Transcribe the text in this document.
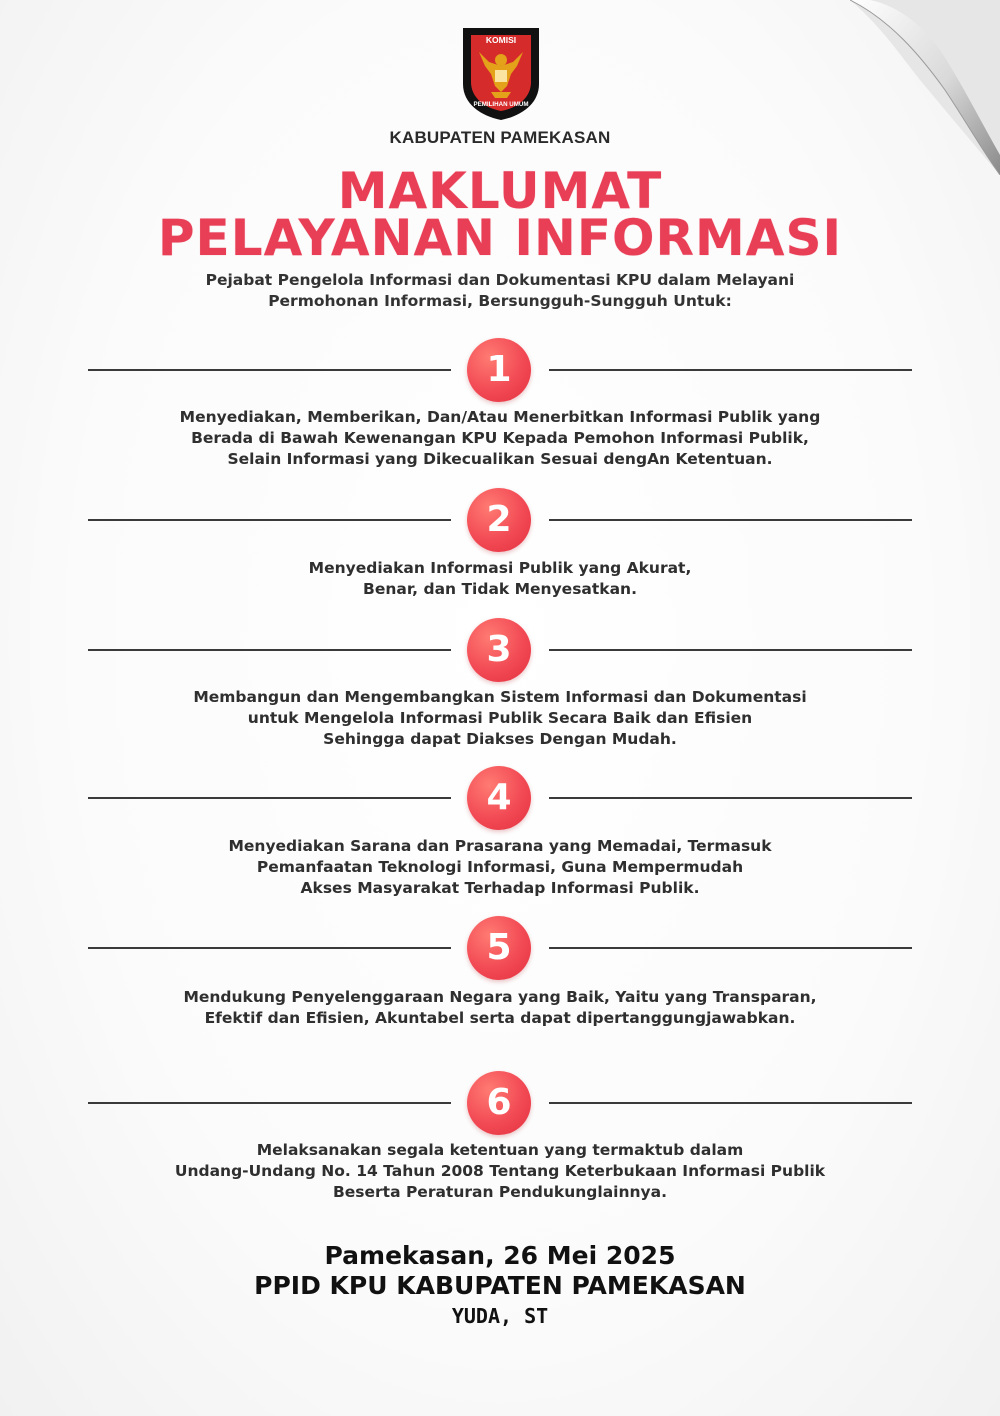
KOMISI
PEMILIHAN UMUM
KABUPATEN PAMEKASAN
MAKLUMAT
PELAYANAN INFORMASI
Pejabat Pengelola Informasi dan Dokumentasi KPU dalam Melayani
Permohonan Informasi, Bersungguh-Sungguh Untuk:
1
Menyediakan, Memberikan, Dan/Atau Menerbitkan Informasi Publik yang
Berada di Bawah Kewenangan KPU Kepada Pemohon Informasi Publik,
Selain Informasi yang Dikecualikan Sesuai dengAn Ketentuan.
2
Menyediakan Informasi Publik yang Akurat,
Benar, dan Tidak Menyesatkan.
3
Membangun dan Mengembangkan Sistem Informasi dan Dokumentasi
untuk Mengelola Informasi Publik Secara Baik dan Efisien
Sehingga dapat Diakses Dengan Mudah.
4
Menyediakan Sarana dan Prasarana yang Memadai, Termasuk
Pemanfaatan Teknologi Informasi, Guna Mempermudah
Akses Masyarakat Terhadap Informasi Publik.
5
Mendukung Penyelenggaraan Negara yang Baik, Yaitu yang Transparan,
Efektif dan Efisien, Akuntabel serta dapat dipertanggungjawabkan.
6
Melaksanakan segala ketentuan yang termaktub dalam
Undang-Undang No. 14 Tahun 2008 Tentang Keterbukaan Informasi Publik
Beserta Peraturan Pendukunglainnya.
Pamekasan, 26 Mei 2025
PPID KPU KABUPATEN PAMEKASAN
YUDA, ST
